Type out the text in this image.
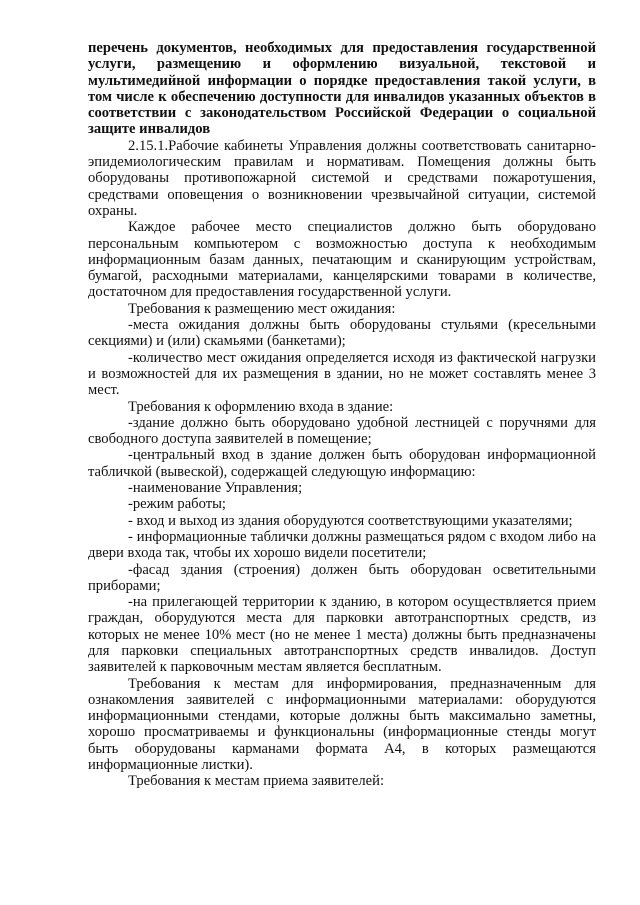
перечень документов, необходимых для предоставления государственной услуги, размещению и оформлению визуальной, текстовой и мультимедийной информации о порядке предоставления такой услуги, в том числе к обеспечению доступности для инвалидов указанных объектов в соответствии с законодательством Российской Федерации о социальной защите инвалидов

2.15.1.Рабочие кабинеты Управления должны соответствовать санитарно-эпидемиологическим правилам и нормативам. Помещения должны быть оборудованы противопожарной системой и средствами пожаротушения, средствами оповещения о возникновении чрезвычайной ситуации, системой охраны.

Каждое рабочее место специалистов должно быть оборудовано персональным компьютером с возможностью доступа к необходимым информационным базам данных, печатающим и сканирующим устройствам, бумагой, расходными материалами, канцелярскими товарами в количестве, достаточном для предоставления государственной услуги.

Требования к размещению мест ожидания:

-места ожидания должны быть оборудованы стульями (кресельными секциями) и (или) скамьями (банкетами);

-количество мест ожидания определяется исходя из фактической нагрузки и возможностей для их размещения в здании, но не может составлять менее 3 мест.

Требования к оформлению входа в здание:

-здание должно быть оборудовано удобной лестницей с поручнями для свободного доступа заявителей в помещение;

-центральный вход в здание должен быть оборудован информационной табличкой (вывеской), содержащей следующую информацию:

-наименование Управления;

-режим работы;

- вход и выход из здания оборудуются соответствующими указателями;

- информационные таблички должны размещаться рядом с входом либо на двери входа так, чтобы их хорошо видели посетители;

-фасад здания (строения) должен быть оборудован осветительными приборами;

-на прилегающей территории к зданию, в котором осуществляется прием граждан, оборудуются места для парковки автотранспортных средств, из которых не менее 10% мест (но не менее 1 места) должны быть предназначены для парковки специальных автотранспортных средств инвалидов. Доступ заявителей к парковочным местам является бесплатным.

Требования к местам для информирования, предназначенным для ознакомления заявителей с информационными материалами: оборудуются информационными стендами, которые должны быть максимально заметны, хорошо просматриваемы и функциональны (информационные стенды могут быть оборудованы карманами формата А4, в которых размещаются информационные листки).

Требования к местам приема заявителей:
